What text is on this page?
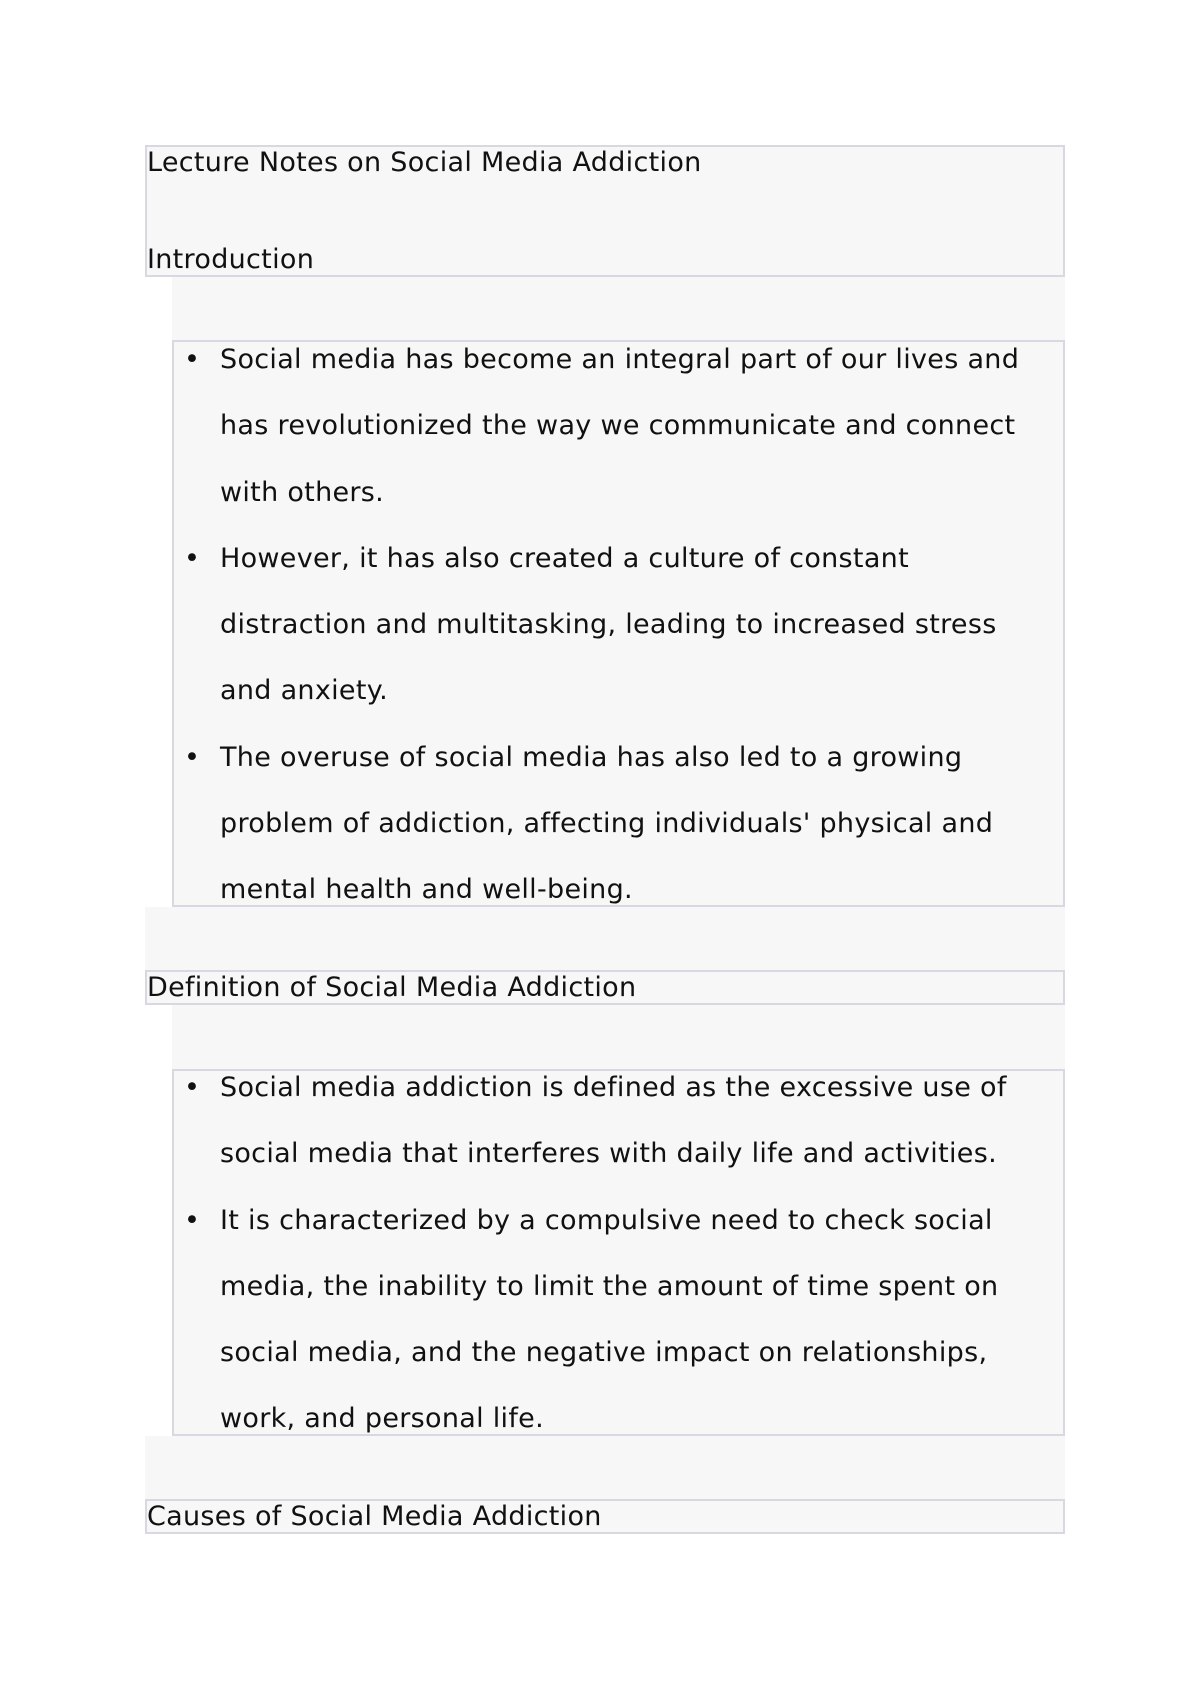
Lecture Notes on Social Media Addiction
Introduction
• Social media has become an integral part of our lives and
has revolutionized the way we communicate and connect
with others.
• However, it has also created a culture of constant
distraction and multitasking, leading to increased stress
and anxiety.
• The overuse of social media has also led to a growing
problem of addiction, affecting individuals' physical and
mental health and well-being.
Definition of Social Media Addiction
• Social media addiction is defined as the excessive use of
social media that interferes with daily life and activities.
• It is characterized by a compulsive need to check social
media, the inability to limit the amount of time spent on
social media, and the negative impact on relationships,
work, and personal life.
Causes of Social Media Addiction
